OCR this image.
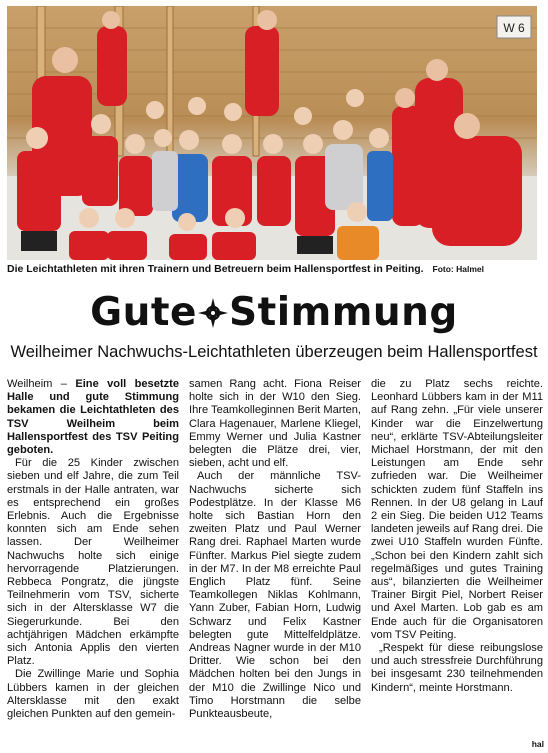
W 6
Die Leichtathleten mit ihren Trainern und Betreuern beim Hallensportfest in Peiting. Foto: Halmel
Gute Stimmung
Weilheimer Nachwuchs-Leichtathleten überzeugen beim Hallensportfest

Weilheim – Eine voll besetzte Halle und gute Stimmung bekamen die Leichtathleten des TSV Weilheim beim Hallensportfest des TSV Peiting geboten.

Für die 25 Kinder zwischen sieben und elf Jahre, die zum Teil erstmals in der Halle antraten, war es entsprechend ein großes Erlebnis. Auch die Ergebnisse konnten sich am Ende sehen lassen. Der Weilheimer Nachwuchs holte sich einige hervorragende Platzierungen. Rebbeca Pongratz, die jüngste Teilnehmerin vom TSV, sicherte sich in der Altersklasse W7 die Siegerurkunde. Bei den achtjährigen Mädchen erkämpfte sich Antonia Applis den vierten Platz.

Die Zwillinge Marie und Sophia Lübbers kamen in der gleichen Altersklasse mit den exakt gleichen Punkten auf den gemein-

samen Rang acht. Fiona Reiser holte sich in der W10 den Sieg. Ihre Teamkolleginnen Berit Marten, Clara Hagenauer, Marlene Kliegel, Emmy Werner und Julia Kastner belegten die Plätze drei, vier, sieben, acht und elf.

Auch der männliche TSV-Nachwuchs sicherte sich Podestplätze. In der Klasse M6 holte sich Bastian Horn den zweiten Platz und Paul Werner Rang drei. Raphael Marten wurde Fünfter. Markus Piel siegte zudem in der M7. In der M8 erreichte Paul Englich Platz fünf. Seine Teamkollegen Niklas Kohlmann, Yann Zuber, Fabian Horn, Ludwig Schwarz und Felix Kastner belegten gute Mittelfeldplätze. Andreas Nagner wurde in der M10 Dritter. Wie schon bei den Mädchen holten bei den Jungs in der M10 die Zwillinge Nico und Timo Horstmann die selbe Punkteausbeute,

die zu Platz sechs reichte. Leonhard Lübbers kam in der M11 auf Rang zehn. „Für viele unserer Kinder war die Einzelwertung neu“, erklärte TSV-Abteilungsleiter Michael Horstmann, der mit den Leistungen am Ende sehr zufrieden war. Die Weilheimer schickten zudem fünf Staffeln ins Rennen. In der U8 gelang in Lauf 2 ein Sieg. Die beiden U12 Teams landeten jeweils auf Rang drei. Die zwei U10 Staffeln wurden Fünfte. „Schon bei den Kindern zahlt sich regelmäßiges und gutes Training aus“, bilanzierten die Weilheimer Trainer Birgit Piel, Norbert Reiser und Axel Marten. Lob gab es am Ende auch für die Organisatoren vom TSV Peiting.

„Respekt für diese reibungslose und auch stressfreie Durchführung bei insgesamt 230 teilnehmenden Kindern“, meinte Horstmann.

hal
